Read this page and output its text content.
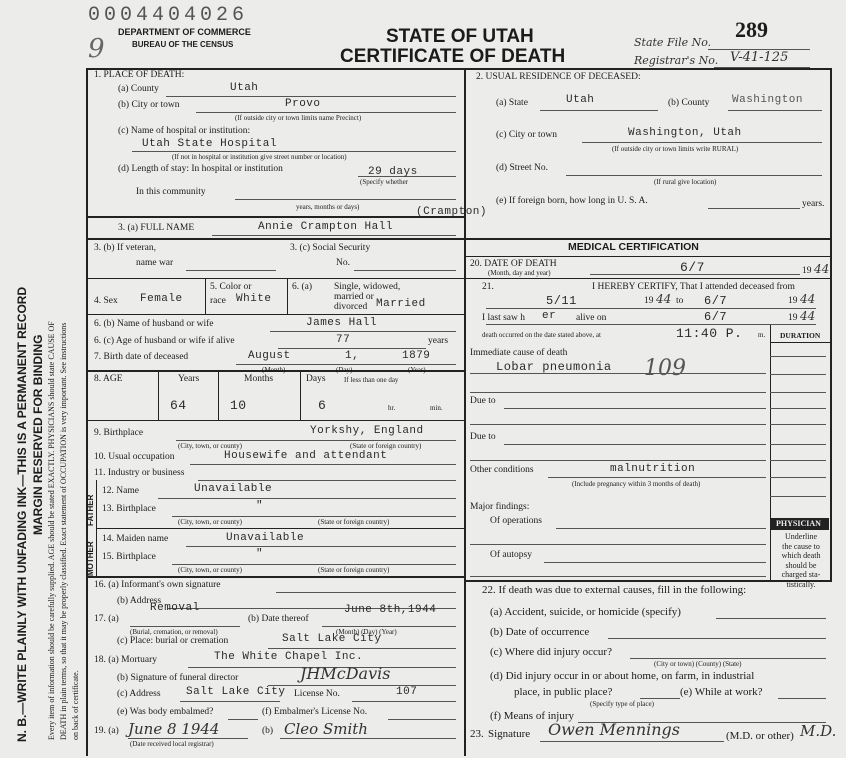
0004404026
DEPARTMENT OF COMMERCE
BUREAU OF THE CENSUS
9	STATE OF UTAH
CERTIFICATE OF DEATH
289
State File No.
Registrar's No. V-41-125
N. B.—WRITE PLAINLY WITH UNFADING INK—THIS IS A PERMANENT RECORD MARGIN RESERVED FOR BINDING Every item of information should be carefully supplied. AGE should be stated EXACTLY. PHYSICIANS should state CAUSE OF DEATH in plain terms, so that it may be properly classified. Exact statement of OCCUPATION is very important. See instructions on back of certificate.
1. PLACE OF DEATH:
(a) County	Utah
(b) City or town	Provo
(If outside city or town limits name Precinct)
(c) Name of hospital or institution:
Utah State Hospital
(If not in hospital or institution give street number or location)
(d) Length of stay: In hospital or institution	29 days
(Specify whether
In this community
years, months or days)
2. USUAL RESIDENCE OF DECEASED:
(a) State	Utah	(b) County Washington
(c) City or town	Washington, Utah
(If outside city or town limits write RURAL)
(d) Street No.
(If rural give location)
(e) If foreign born, how long in U. S. A.	years.
3. (a) FULL NAME	Annie Crampton Hall
(Crampton)
3. (b) If veteran,
name war
3. (c) Social Security
No.
4. Sex Female
5. Color or
race White
6. (a) Single, widowed,
married or
divorced Married
6. (b) Name of husband or wife	James Hall
6. (c) Age of husband or wife if alive	77	years
7. Birth date of deceased	August	1,	1879
(Month)	(Day)	(Year)
8. AGE	Years	Months	Days	If less than one day
64	10	6	hr.	min.
9. Birthplace	Yorkshy, England
(City, town, or county)	(State or foreign country)
10. Usual occupation	Housewife and attendant
11. Industry or business
FATHER
MOTHER
12. Name	Unavailable
13. Birthplace	"
(City, town, or county)	(State or foreign country)
14. Maiden name	Unavailable
15. Birthplace	"
(City, town, or county)	(State or foreign country)
16. (a) Informant's own signature
(b) Address
17. (a)
Removal
(Burial, cremation, or removal)
(b) Date thereof
June 8th,1944
(Month) (Day) (Year)
(c) Place: burial or cremation	Salt Lake City
18. (a) Mortuary	The White Chapel Inc.
(b) Signature of funeral director	JHMcDavis
(c) Address Salt Lake City License No.	107
(e) Was body embalmed?	(f) Embalmer's License No.
19. (a) June 8 1944
(Date received local registrar)
(b) Cleo Smith
MEDICAL CERTIFICATION
20. DATE OF DEATH
(Month, day and year)	6/7	19 44
21.	I HEREBY CERTIFY, That I attended deceased from
5/11	19 44 to 6/7	19 44
I last saw h er alive on	6/7	19 44
death occurred on the date stated above, at	11:40 P. m. DURATION
Immediate cause of death
Lobar pneumonia 109
Due to
Due to
Other conditions	malnutrition
(Include pregnancy within 3 months of death)
Major findings:
Of operations
Of autopsy
PHYSICIAN
Underline
the cause to
which death
should be
charged sta-
tistically.
22. If death was due to external causes, fill in the following:
(a) Accident, suicide, or homicide (specify)
(b) Date of occurrence
(c) Where did injury occur?
(City or town) (County) (State)
(d) Did injury occur in or about home, on farm, in industrial
place, in public place?	(e) While at work?
(Specify type of place)
(f) Means of injury
23. Signature Owen Mennings	(M.D. or other) M.D.
